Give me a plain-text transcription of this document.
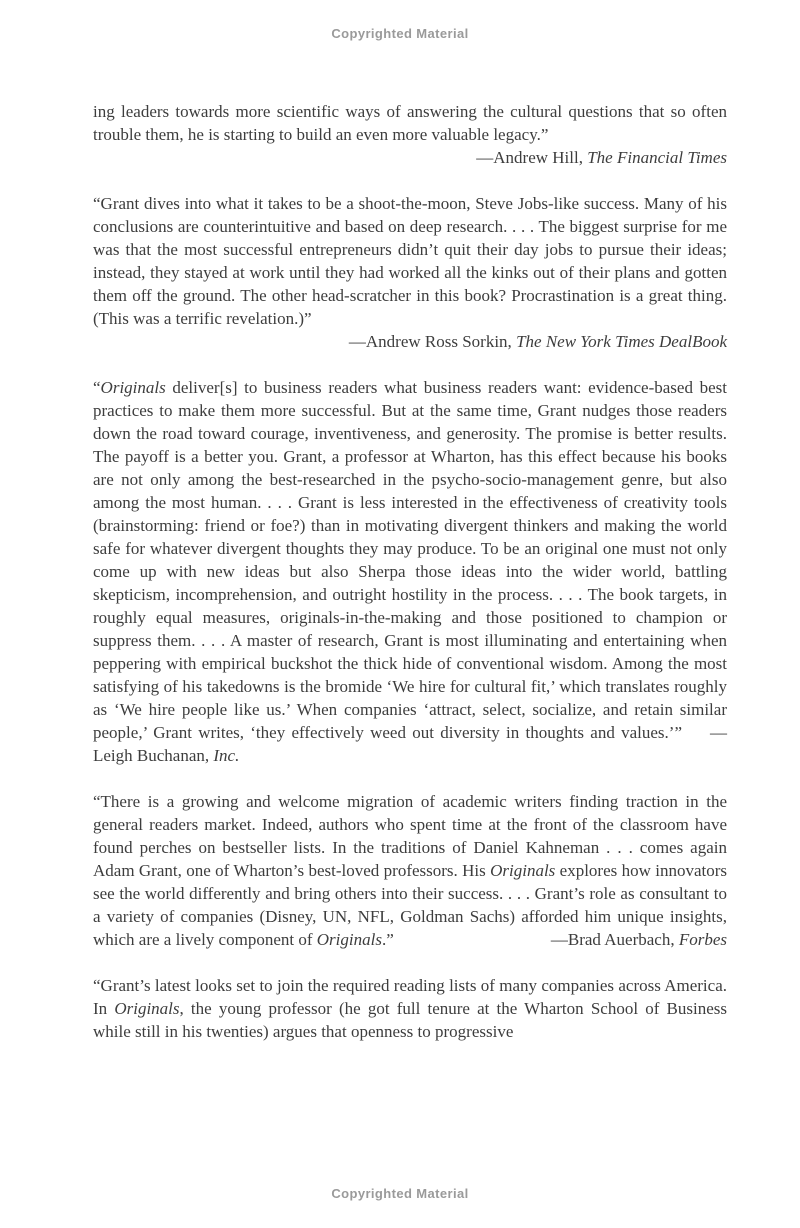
Copyrighted Material

ing leaders towards more scientific ways of answering the cultural questions that so often trouble them, he is starting to build an even more valuable legacy.”
—Andrew Hill, The Financial Times

“Grant dives into what it takes to be a shoot-the-moon, Steve Jobs-like success. Many of his conclusions are counterintuitive and based on deep research. . . . The biggest surprise for me was that the most successful entrepreneurs didn’t quit their day jobs to pursue their ideas; instead, they stayed at work until they had worked all the kinks out of their plans and gotten them off the ground. The other head-scratcher in this book? Procrastination is a great thing. (This was a terrific revelation.)”
—Andrew Ross Sorkin, The New York Times DealBook

“Originals deliver[s] to business readers what business readers want: evidence-based best practices to make them more successful. But at the same time, Grant nudges those readers down the road toward courage, inventiveness, and generosity. The promise is better results. The payoff is a better you. Grant, a professor at Wharton, has this effect because his books are not only among the best-researched in the psycho-socio-management genre, but also among the most human. . . . Grant is less interested in the effectiveness of creativity tools (brainstorming: friend or foe?) than in motivating divergent thinkers and making the world safe for whatever divergent thoughts they may produce. To be an original one must not only come up with new ideas but also Sherpa those ideas into the wider world, battling skepticism, incomprehension, and outright hostility in the process. . . . The book targets, in roughly equal measures, originals-in-the-making and those positioned to champion or suppress them. . . . A master of research, Grant is most illuminating and entertaining when peppering with empirical buckshot the thick hide of conventional wisdom. Among the most satisfying of his takedowns is the bromide ‘We hire for cultural fit,’ which translates roughly as ‘We hire people like us.’ When companies ‘attract, select, socialize, and retain similar people,’ Grant writes, ‘they effectively weed out diversity in thoughts and values.’” —Leigh Buchanan, Inc.

“There is a growing and welcome migration of academic writers finding traction in the general readers market. Indeed, authors who spent time at the front of the classroom have found perches on bestseller lists. In the traditions of Daniel Kahneman . . . comes again Adam Grant, one of Wharton’s best-loved professors. His Originals explores how innovators see the world differently and bring others into their success. . . . Grant’s role as consultant to a variety of companies (Disney, UN, NFL, Goldman Sachs) afforded him unique insights, which are a lively component of Originals.”	—Brad Auerbach, Forbes

“Grant’s latest looks set to join the required reading lists of many companies across America. In Originals, the young professor (he got full tenure at the Wharton School of Business while still in his twenties) argues that openness to progressive

Copyrighted Material
